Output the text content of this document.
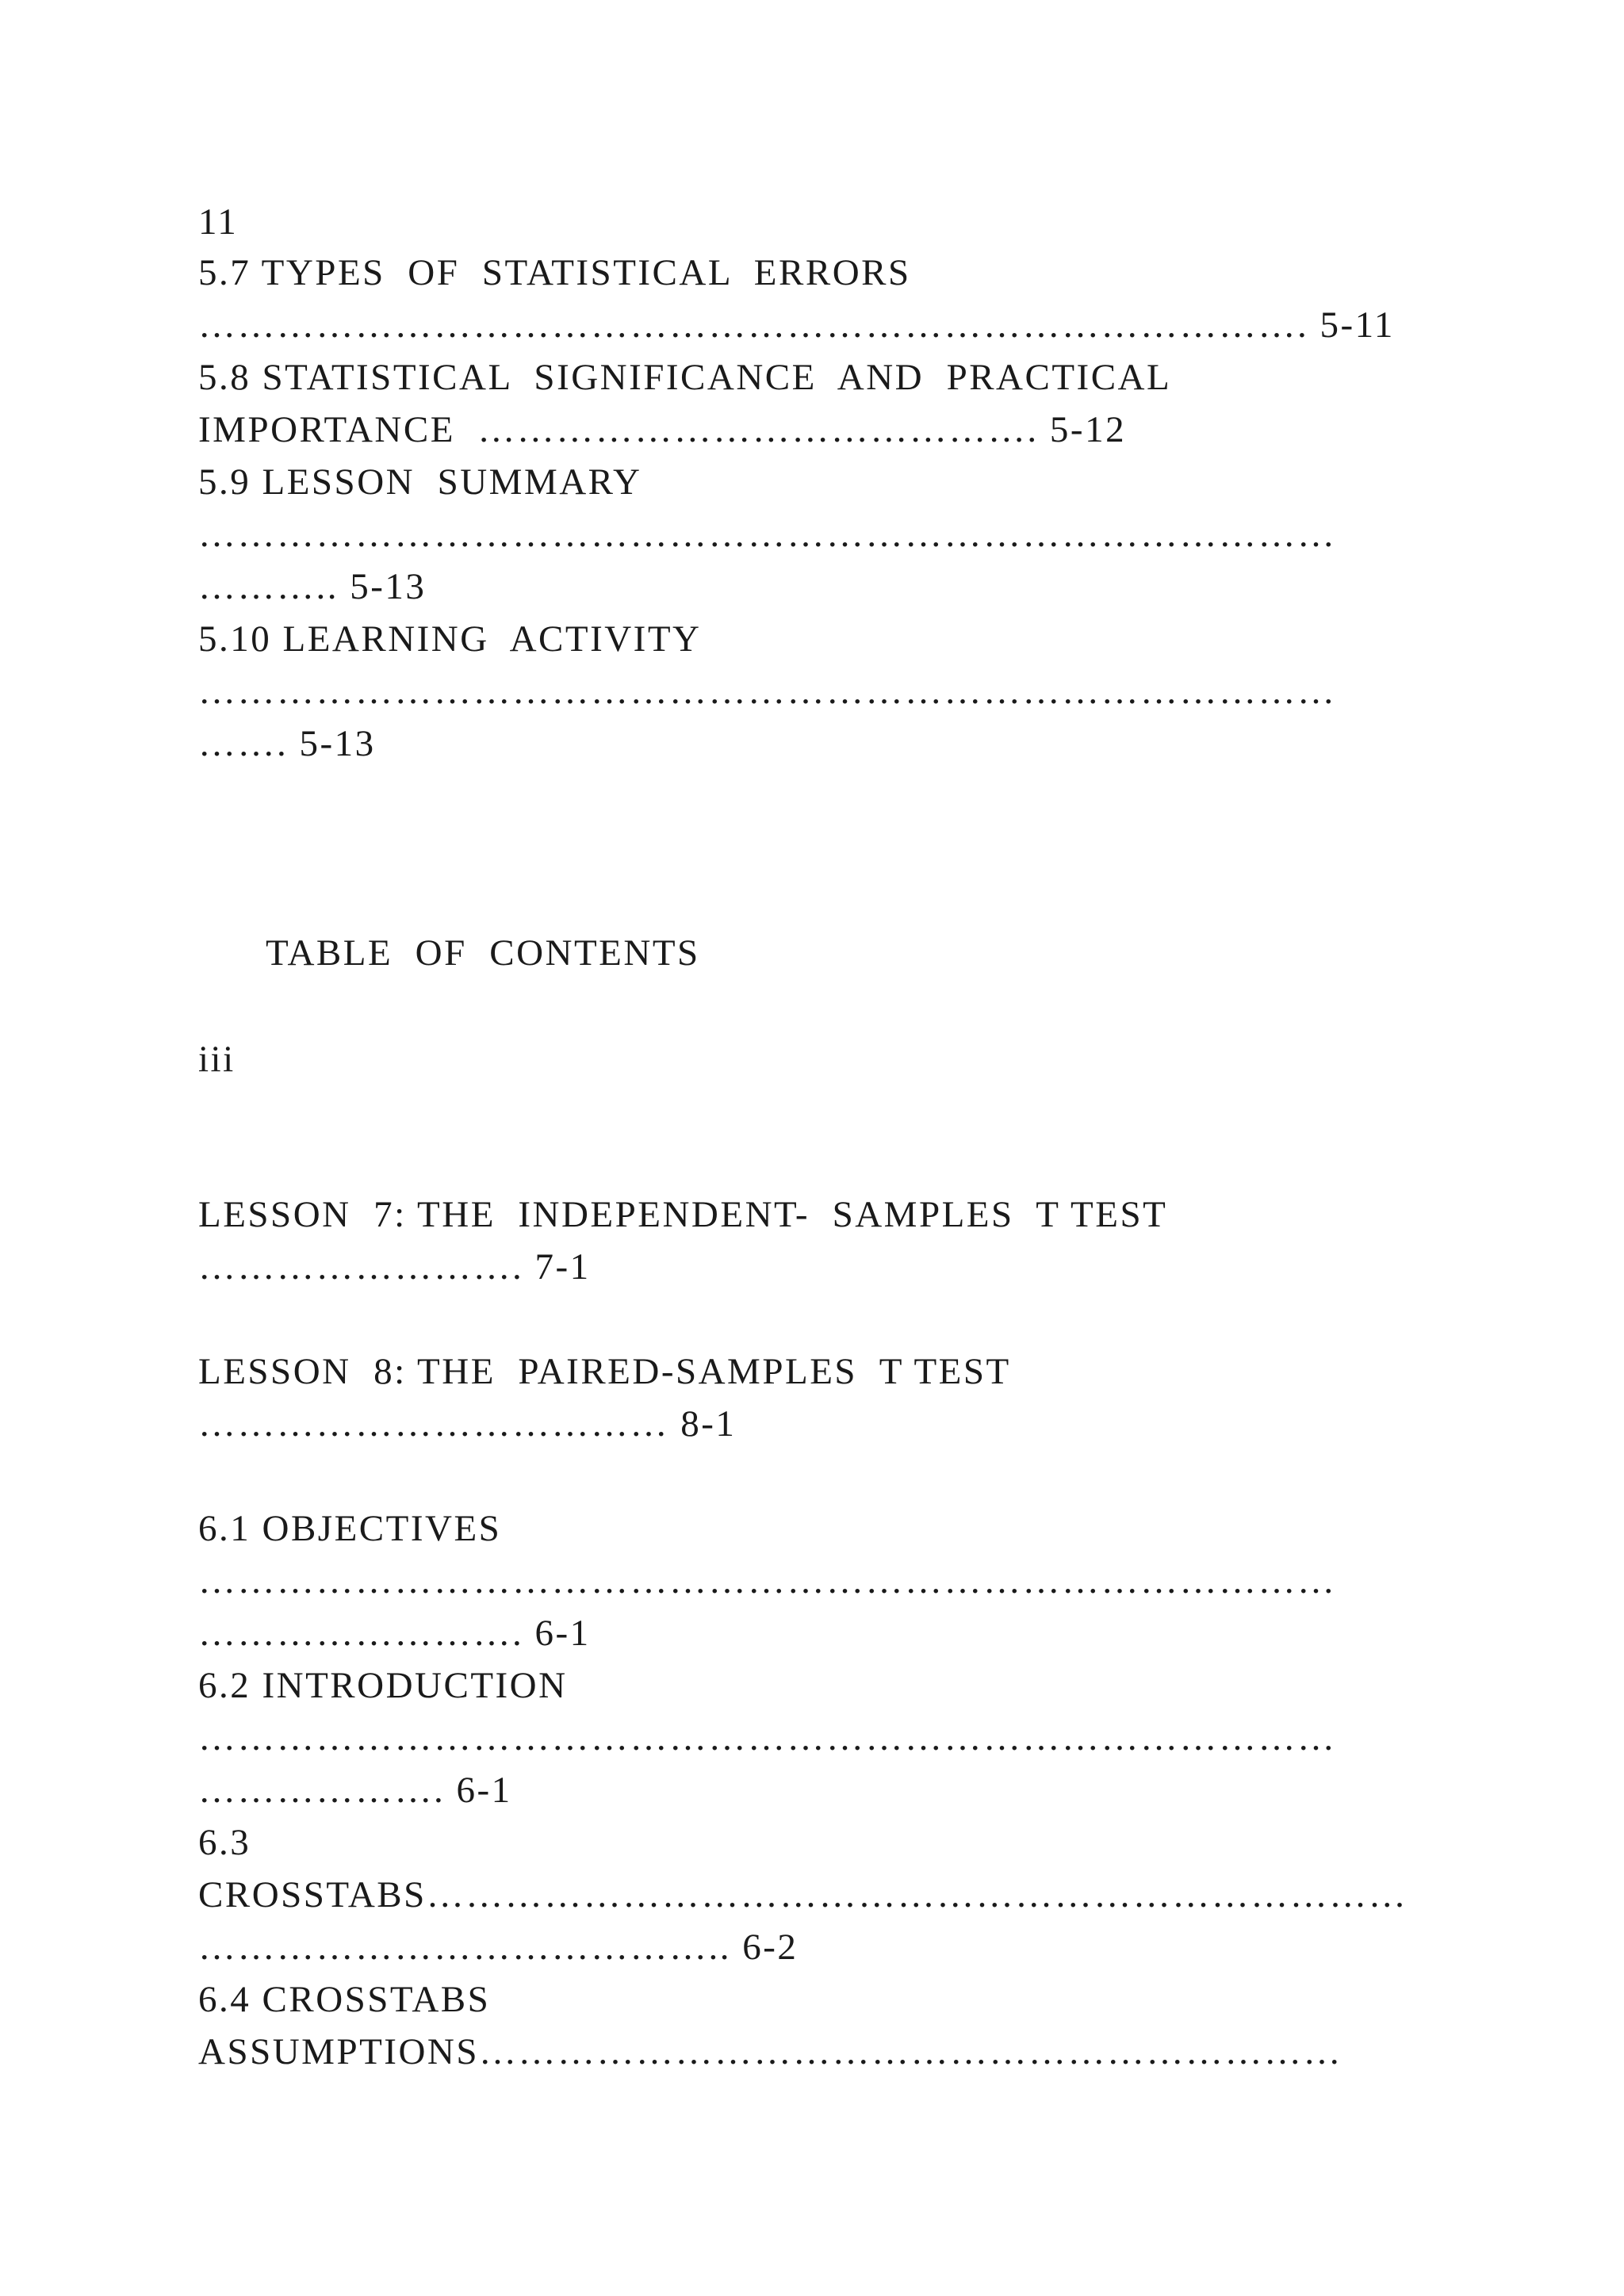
11

5.7 TYPES  OF  STATISTICAL  ERRORS

…………………………………………………………………………. 5-11

5.8 STATISTICAL  SIGNIFICANCE  AND  PRACTICAL

IMPORTANCE  ……………………………………. 5-12

5.9 LESSON  SUMMARY

……………………………………………………………………………

……….. 5-13

5.10 LEARNING  ACTIVITY

……………………………………………………………………………

……. 5-13

TABLE  OF  CONTENTS

iii

LESSON  7: THE  INDEPENDENT-  SAMPLES  T TEST

……………………. 7-1

LESSON  8: THE  PAIRED-SAMPLES  T TEST

……………………………… 8-1

6.1 OBJECTIVES

……………………………………………………………………………

……………………. 6-1

6.2 INTRODUCTION

……………………………………………………………………………

………………. 6-1

6.3

CROSSTABS…………………………………………………………………

………………………………….. 6-2

6.4 CROSSTABS

ASSUMPTIONS…………………………………………………………
